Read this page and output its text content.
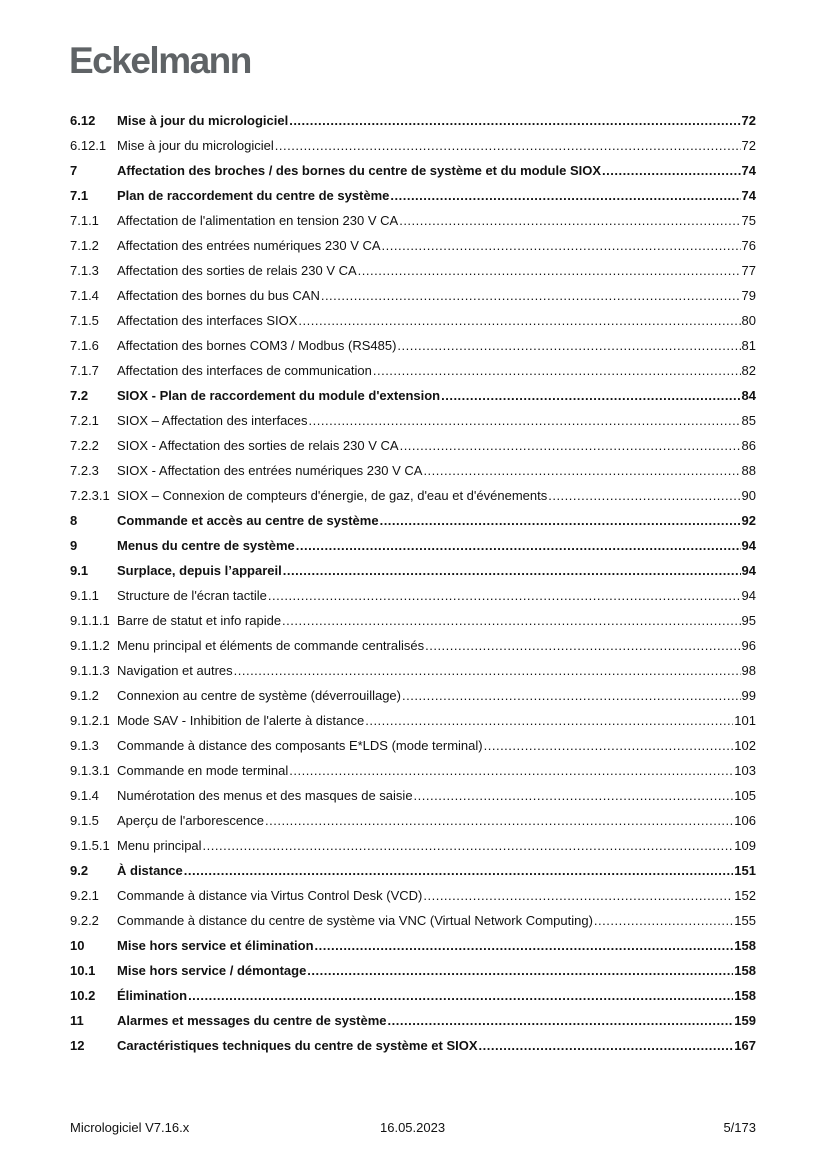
Eckelmann
6.12	Mise à jour du micrologiciel .....	72
6.12.1 Mise à jour du micrologiciel .....	72
7	Affectation des broches / des bornes du centre de système et du module SIOX .....	74
7.1	Plan de raccordement du centre de système .....	74
7.1.1	Affectation de l'alimentation en tension 230 V CA .....	75
7.1.2	Affectation des entrées numériques 230 V CA .....	76
7.1.3	Affectation des sorties de relais 230 V CA .....	77
7.1.4	Affectation des bornes du bus CAN .....	79
7.1.5	Affectation des interfaces SIOX .....	80
7.1.6	Affectation des bornes COM3 / Modbus (RS485) .....	81
7.1.7	Affectation des interfaces de communication .....	82
7.2	SIOX - Plan de raccordement du module d'extension .....	84
7.2.1	SIOX – Affectation des interfaces .....	85
7.2.2	SIOX - Affectation des sorties de relais 230 V CA .....	86
7.2.3	SIOX - Affectation des entrées numériques 230 V CA .....	88
7.2.3.1 SIOX – Connexion de compteurs d'énergie, de gaz, d'eau et d'événements .....	90
8	Commande et accès au centre de système .....	92
9	Menus du centre de système .....	94
9.1	Surplace, depuis l’appareil .....	94
9.1.1	Structure de l'écran tactile .....	94
9.1.1.1 Barre de statut et info rapide .....	95
9.1.1.2 Menu principal et éléments de commande centralisés .....	96
9.1.1.3 Navigation et autres .....	98
9.1.2	Connexion au centre de système (déverrouillage) .....	99
9.1.2.1 Mode SAV - Inhibition de l'alerte à distance .....	101
9.1.3	Commande à distance des composants E*LDS (mode terminal) .....	102
9.1.3.1 Commande en mode terminal .....	103
9.1.4	Numérotation des menus et des masques de saisie .....	105
9.1.5	Aperçu de l'arborescence .....	106
9.1.5.1 Menu principal .....	109
9.2	À distance .....	151
9.2.1	Commande à distance via Virtus Control Desk (VCD) .....	152
9.2.2	Commande à distance du centre de système via VNC (Virtual Network Computing) .....	155
10	Mise hors service et élimination .....	158
10.1	Mise hors service / démontage .....	158
10.2	Élimination .....	158
11	Alarmes et messages du centre de système .....	159
12	Caractéristiques techniques du centre de système et SIOX .....	167
Micrologiciel V7.16.x	16.05.2023	5/173
